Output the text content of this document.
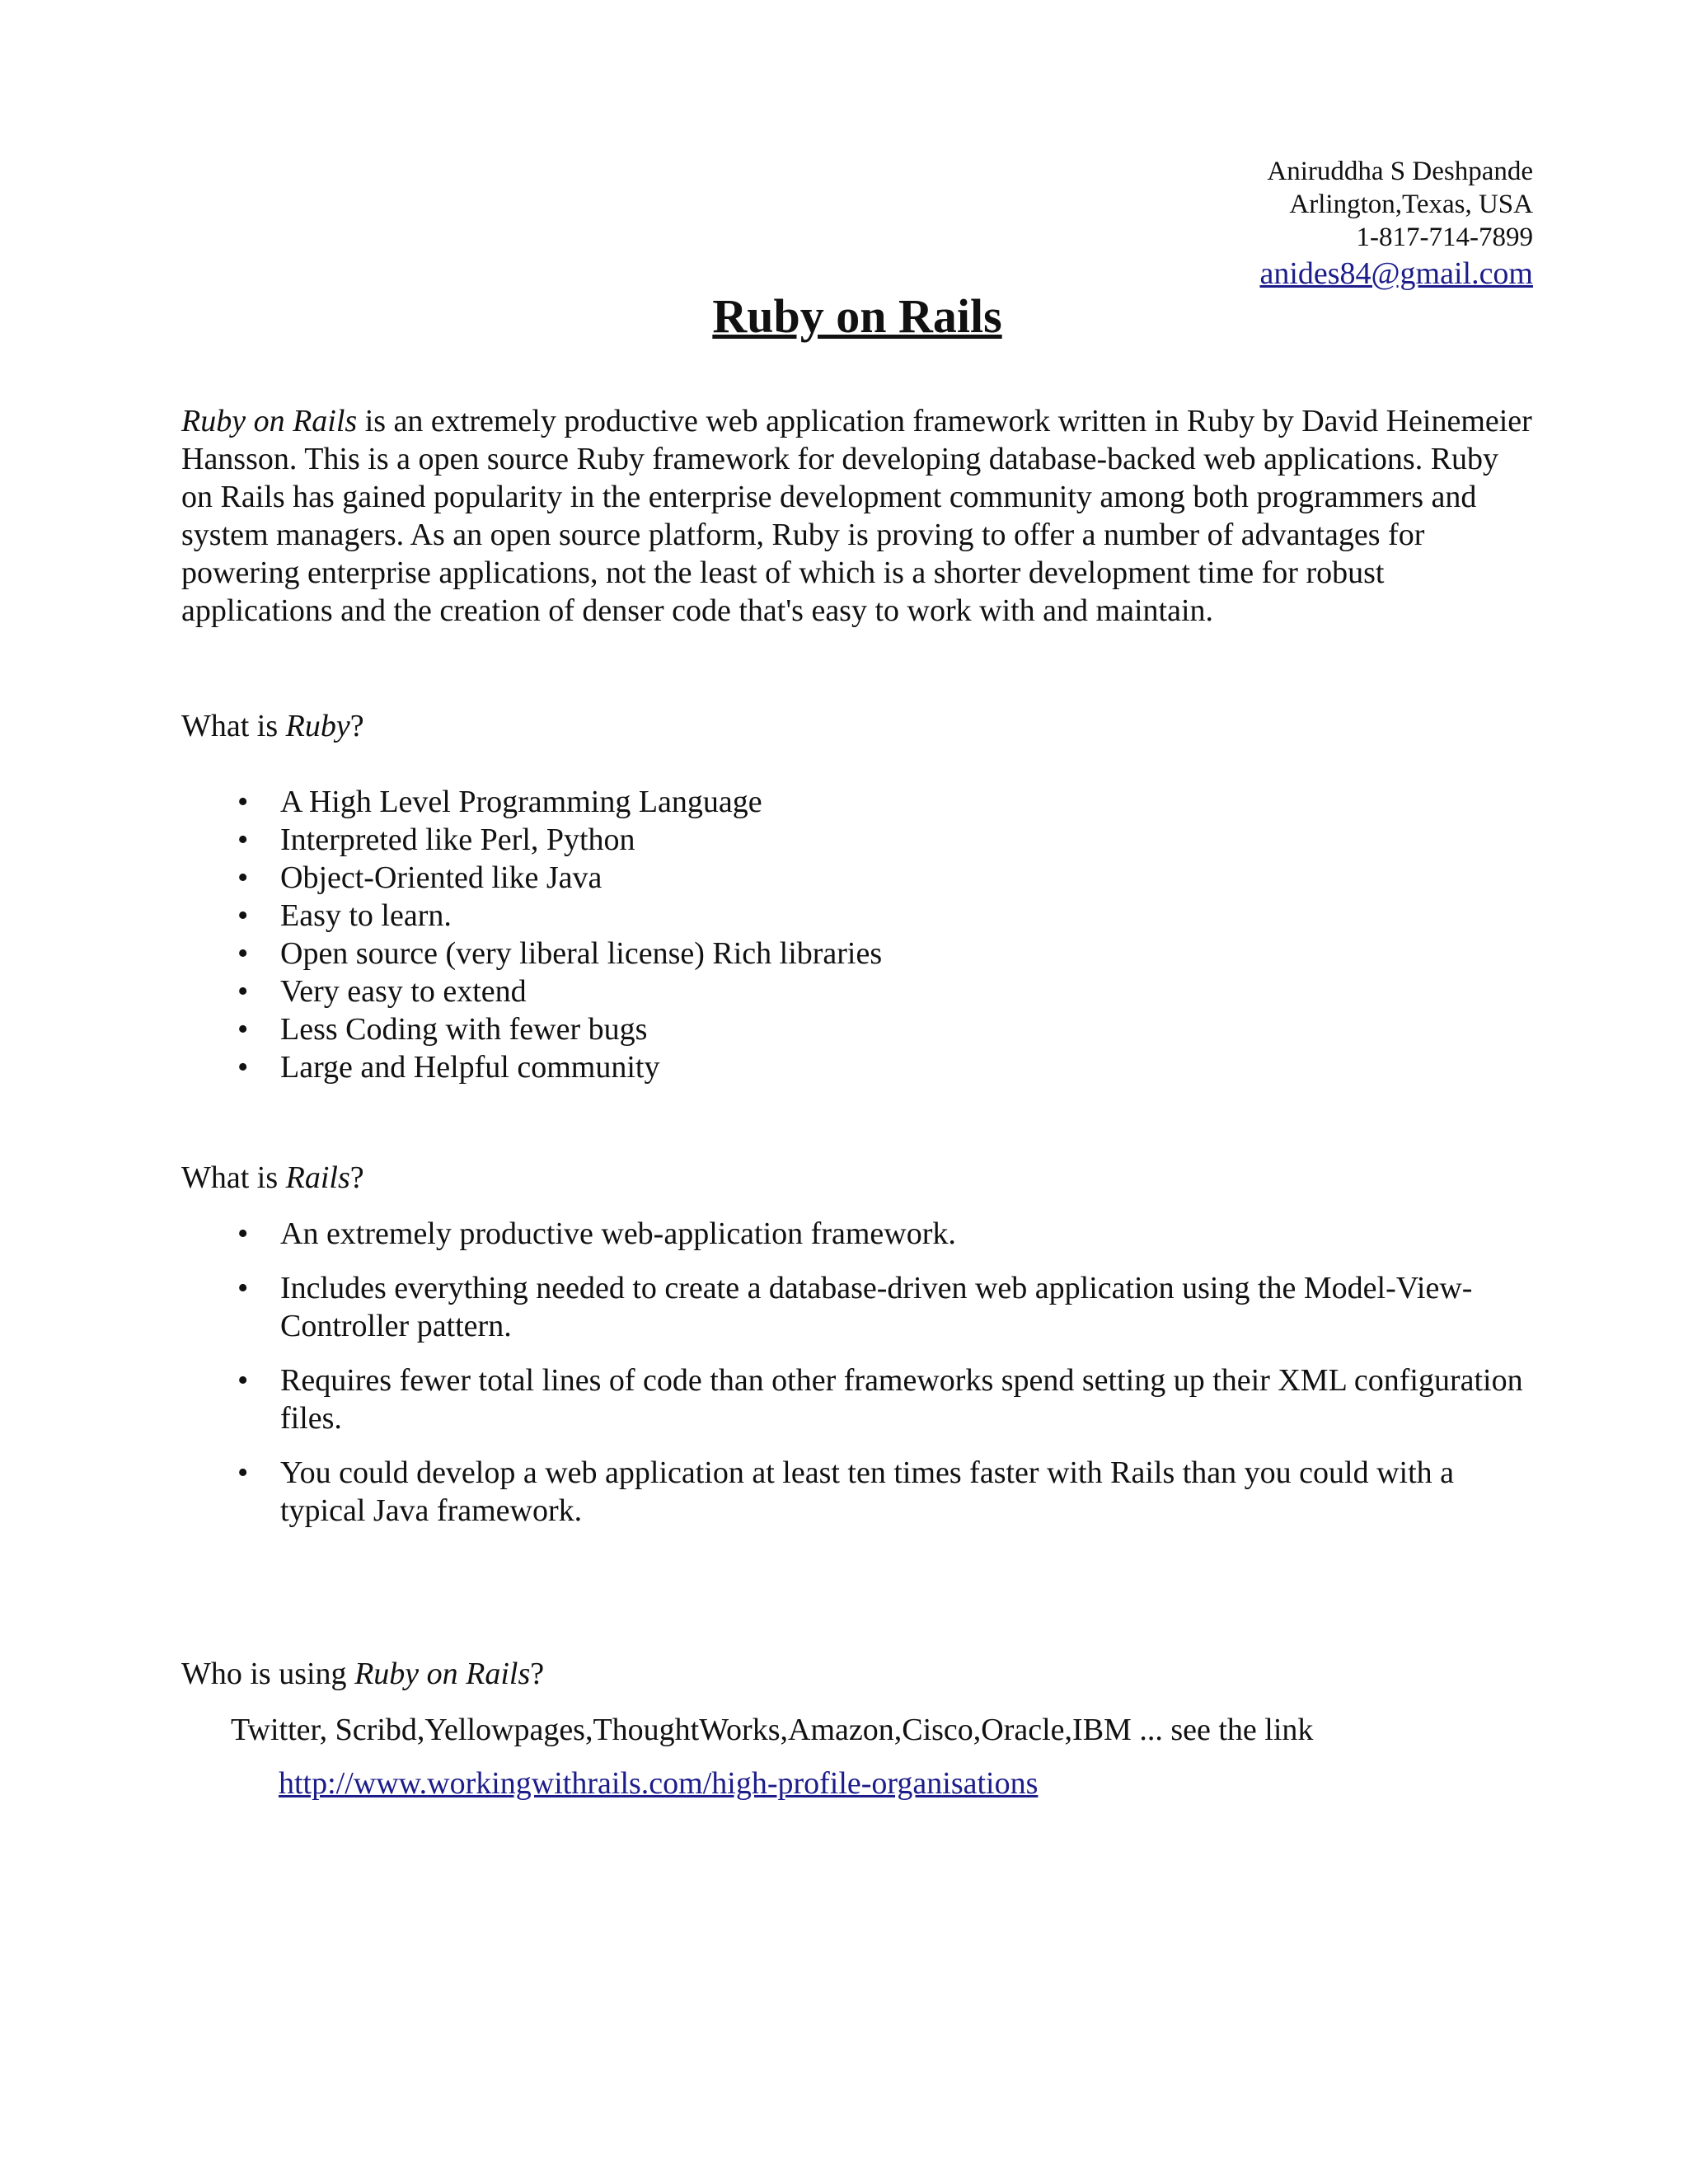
Aniruddha S Deshpande
Arlington,Texas, USA
1-817-714-7899
anides84@gmail.com
Ruby on Rails

Ruby on Rails is an extremely productive web application framework written in Ruby by David Heinemeier Hansson. This is a open source Ruby framework for developing database-backed web applications. Ruby on Rails has gained popularity in the enterprise development community among both programmers and system managers. As an open source platform, Ruby is proving to offer a number of advantages for powering enterprise applications, not the least of which is a shorter development time for robust applications and the creation of denser code that's easy to work with and maintain.

What is Ruby?
• A High Level Programming Language
• Interpreted like Perl, Python
• Object-Oriented like Java
• Easy to learn.
• Open source (very liberal license) Rich libraries
• Very easy to extend
• Less Coding with fewer bugs
• Large and Helpful community
What is Rails?
• An extremely productive web-application framework.
• Includes everything needed to create a database-driven web application using the Model-View-Controller pattern.
• Requires fewer total lines of code than other frameworks spend setting up their XML configuration files.
• You could develop a web application at least ten times faster with Rails than you could with a typical Java framework.
Who is using Ruby on Rails?
Twitter, Scribd,Yellowpages,ThoughtWorks,Amazon,Cisco,Oracle,IBM ... see the link
http://www.workingwithrails.com/high-profile-organisations
